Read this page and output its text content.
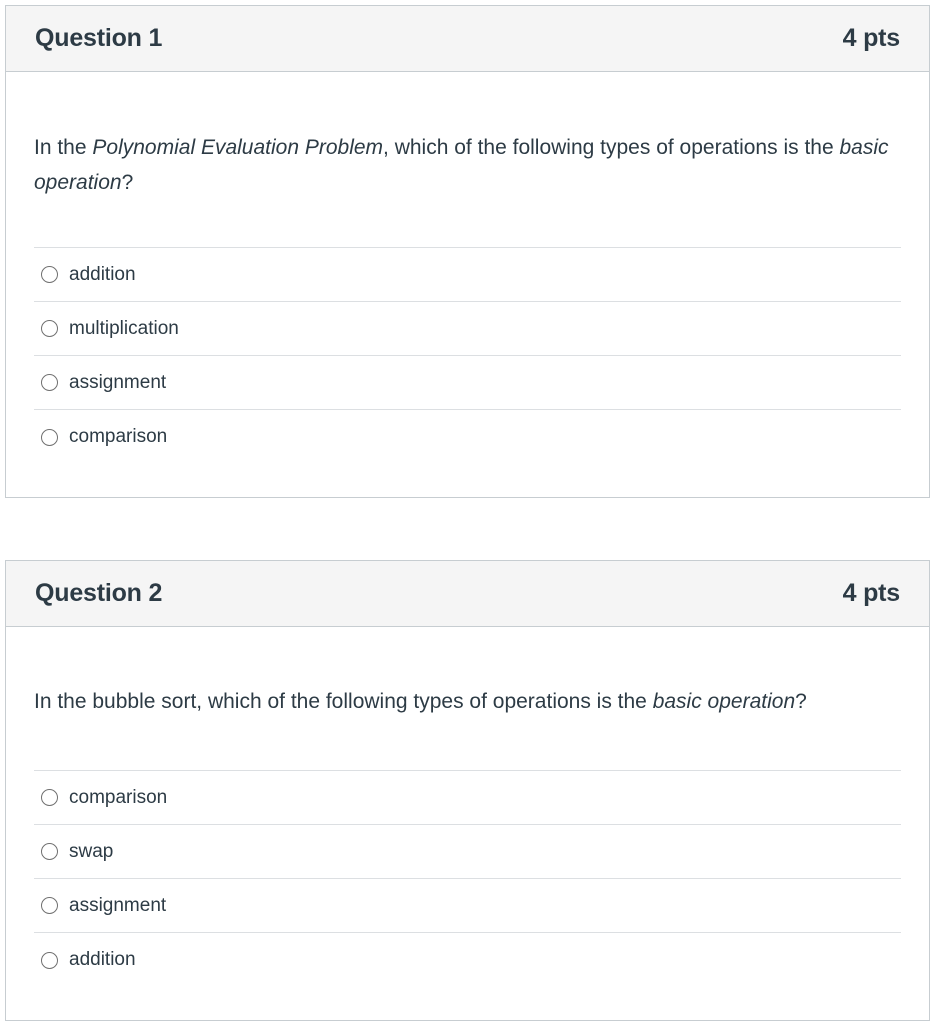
Question 1	4 pts
In the Polynomial Evaluation Problem, which of the following types of operations is the basic operation?
addition
multiplication
assignment
comparison
Question 2	4 pts
In the bubble sort, which of the following types of operations is the basic operation?
comparison
swap
assignment
addition
